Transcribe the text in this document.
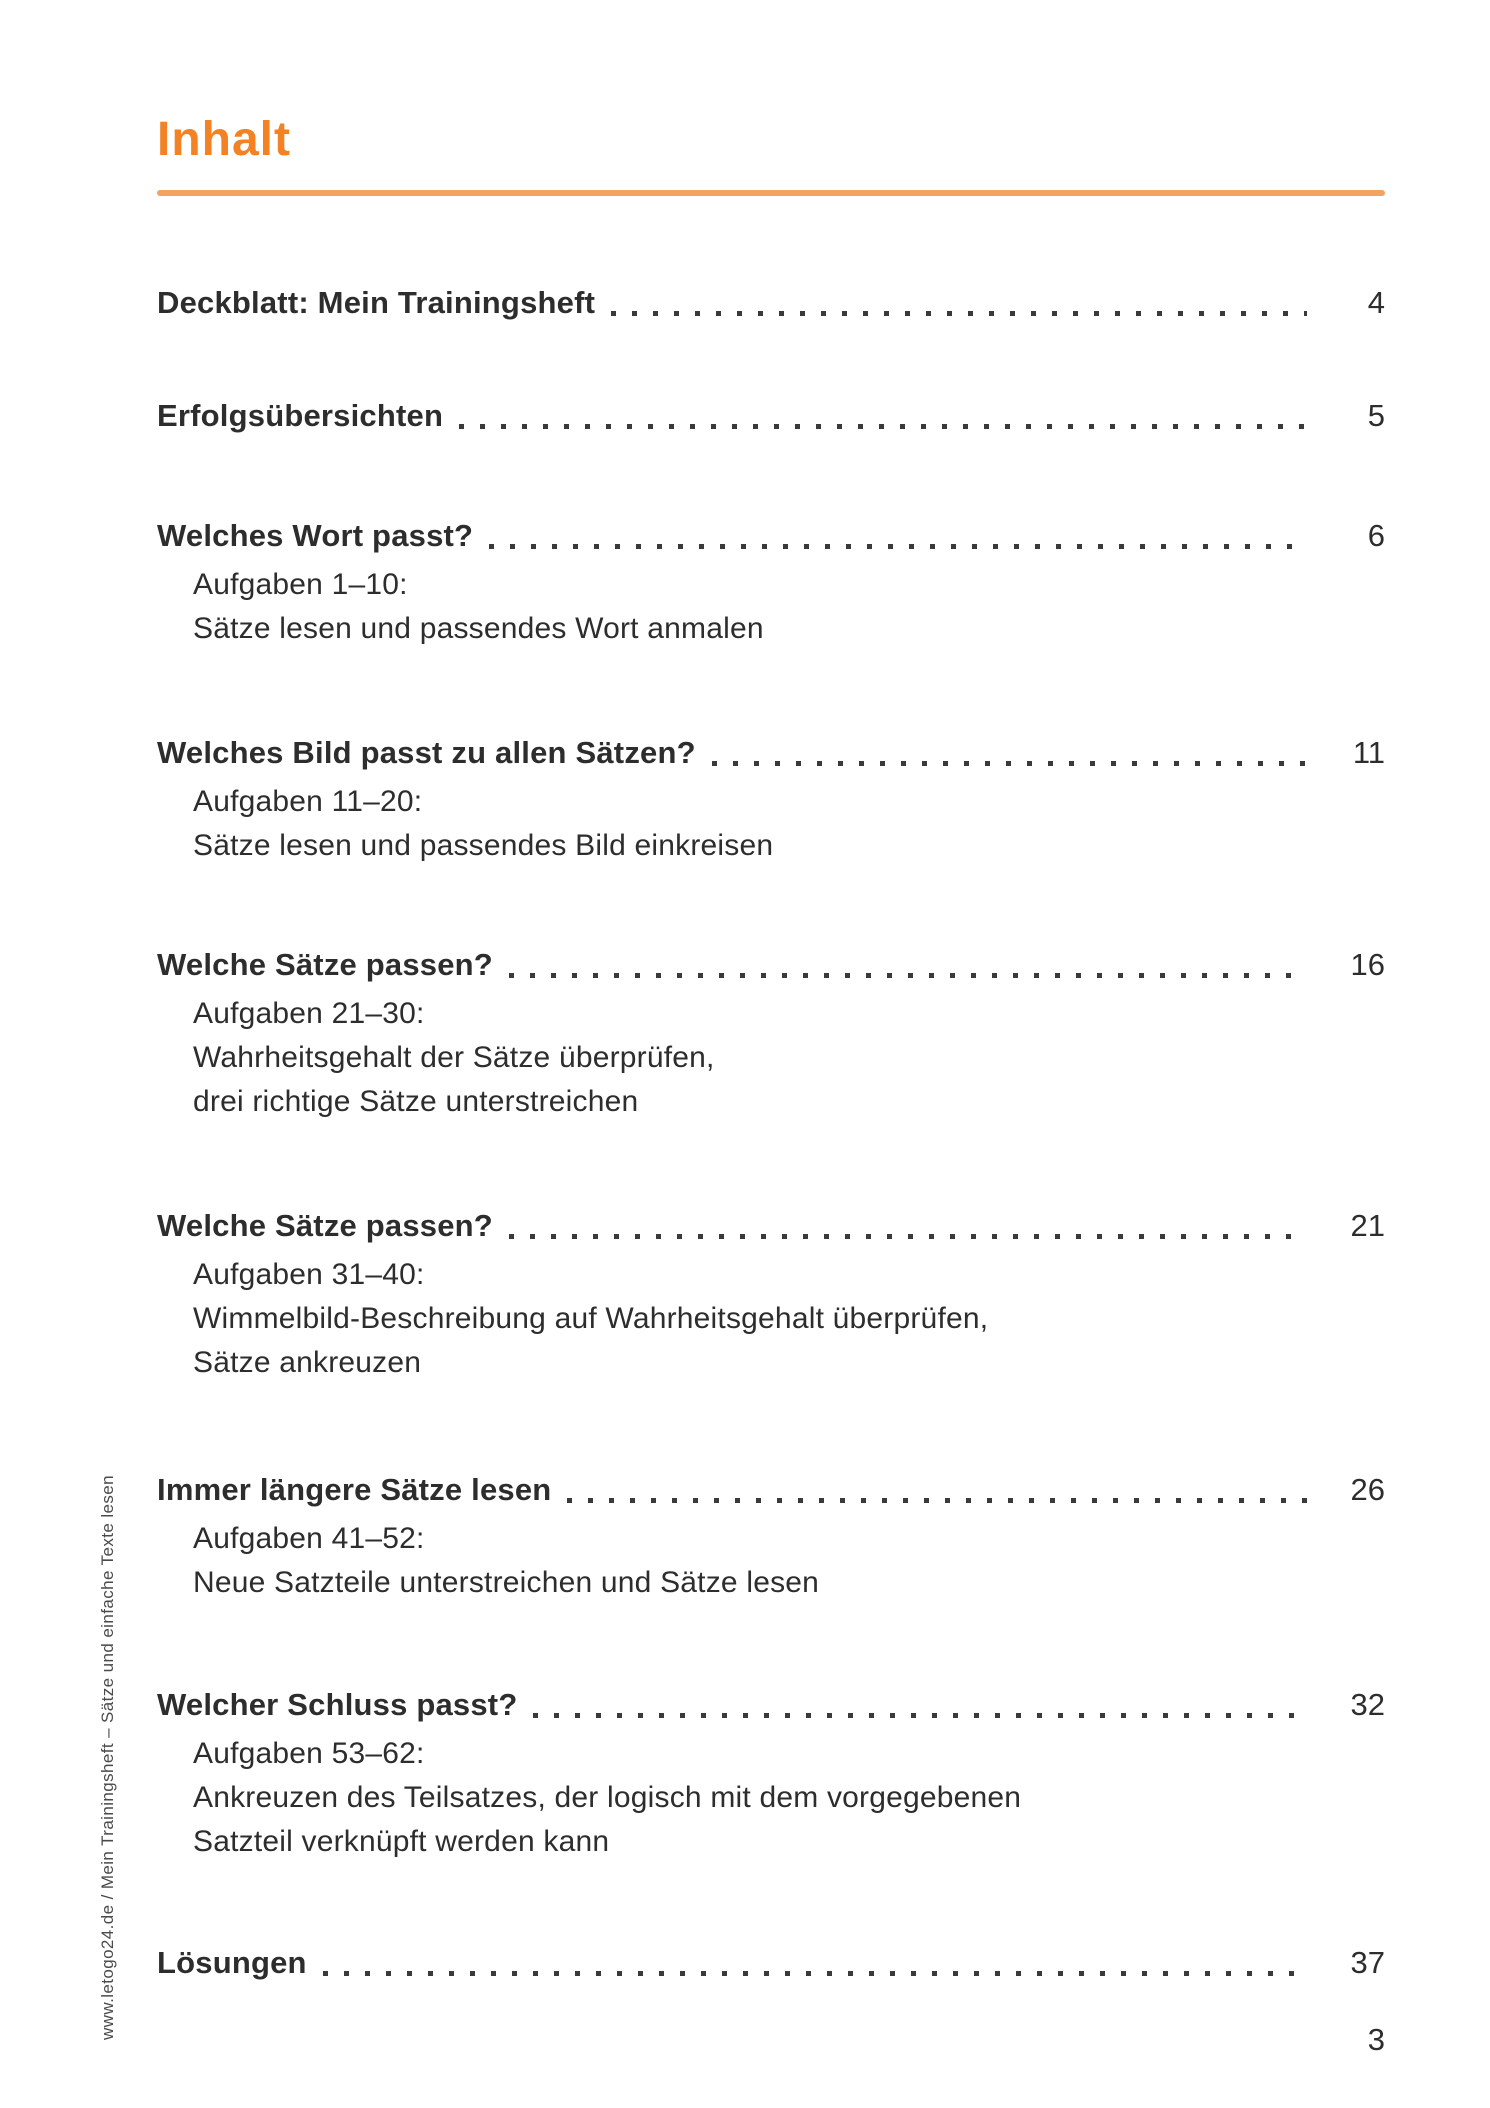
Inhalt
Deckblatt: Mein Trainingsheft	4
Erfolgsübersichten	5
Welches Wort passt?	6
Aufgaben 1–10:
Sätze lesen und passendes Wort anmalen
Welches Bild passt zu allen Sätzen?	11
Aufgaben 11–20:
Sätze lesen und passendes Bild einkreisen
Welche Sätze passen?	16
Aufgaben 21–30:
Wahrheitsgehalt der Sätze überprüfen,
drei richtige Sätze unterstreichen
Welche Sätze passen?	21
Aufgaben 31–40:
Wimmelbild-Beschreibung auf Wahrheitsgehalt überprüfen,
Sätze ankreuzen
Immer längere Sätze lesen	26
Aufgaben 41–52:
Neue Satzteile unterstreichen und Sätze lesen
Welcher Schluss passt?	32
Aufgaben 53–62:
Ankreuzen des Teilsatzes, der logisch mit dem vorgegebenen
Satzteil verknüpft werden kann
Lösungen	37
3
www.letogo24.de / Mein Trainingsheft – Sätze und einfache Texte lesen
